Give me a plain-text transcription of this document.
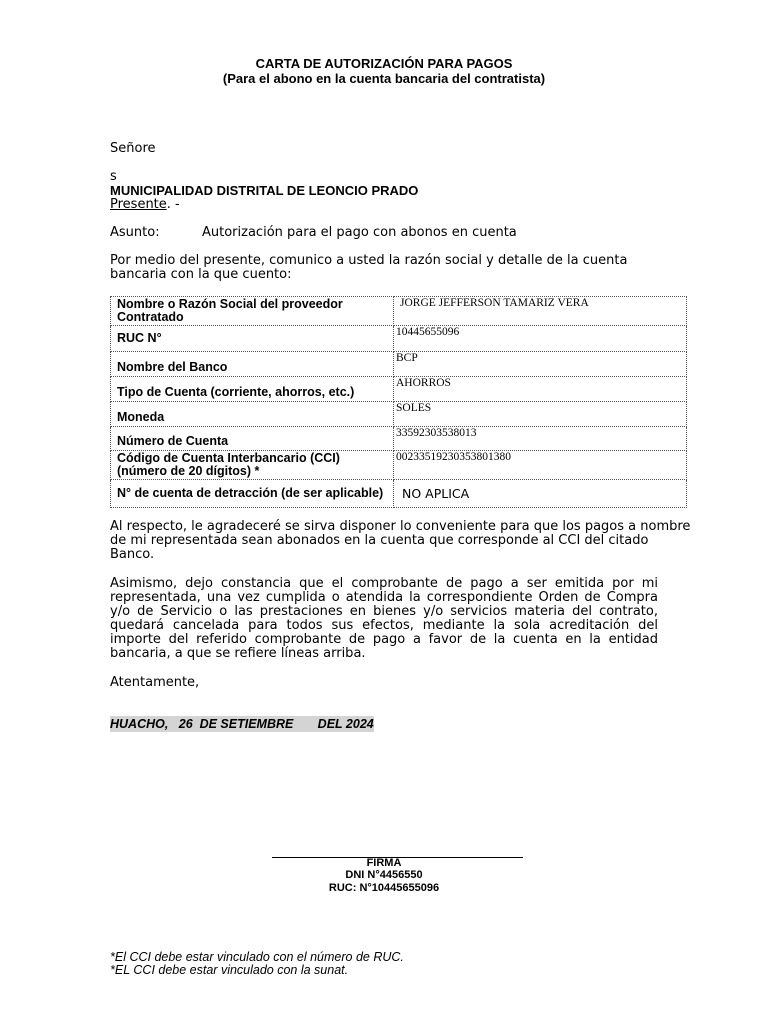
CARTA DE AUTORIZACIÓN PARA PAGOS
(Para el abono en la cuenta bancaria del contratista)
Señore
s
MUNICIPALIDAD DISTRITAL DE LEONCIO PRADO
Presente. -
Asunto:	Autorización para el pago con abonos en cuenta
Por medio del presente, comunico a usted la razón social y detalle de la cuenta bancaria con la que cuento:
Nombre o Razón Social del proveedor
Contratado	JORGE JEFFERSON TAMARIZ VERA
RUC N°	10445655096
Nombre del Banco	BCP
Tipo de Cuenta (corriente, ahorros, etc.)	AHORROS
Moneda	SOLES
Número de Cuenta	33592303538013

Código de Cuenta Interbancario (CCI)
(número de 20 dígitos) *	00233519230353801380
N° de cuenta de detracción (de ser aplicable)	NO APLICA
Al respecto, le agradeceré se sirva disponer lo conveniente para que los pagos a nombre de mi representada sean abonados en la cuenta que corresponde al CCI del citado Banco.
Asimismo, dejo constancia que el comprobante de pago a ser emitida por mi representada, una vez cumplida o atendida la correspondiente Orden de Compra y/o de Servicio o las prestaciones en bienes y/o servicios materia del contrato, quedará cancelada para todos sus efectos, mediante la sola acreditación del importe del referido comprobante de pago a favor de la cuenta en la entidad bancaria, a que se refiere líneas arriba.
Atentamente,
HUACHO,   26  DE SETIEMBRE       DEL 2024
FIRMA
DNI N°4456550
RUC: N°10445655096
*El CCI debe estar vinculado con el número de RUC.
*EL CCI debe estar vinculado con la sunat.
